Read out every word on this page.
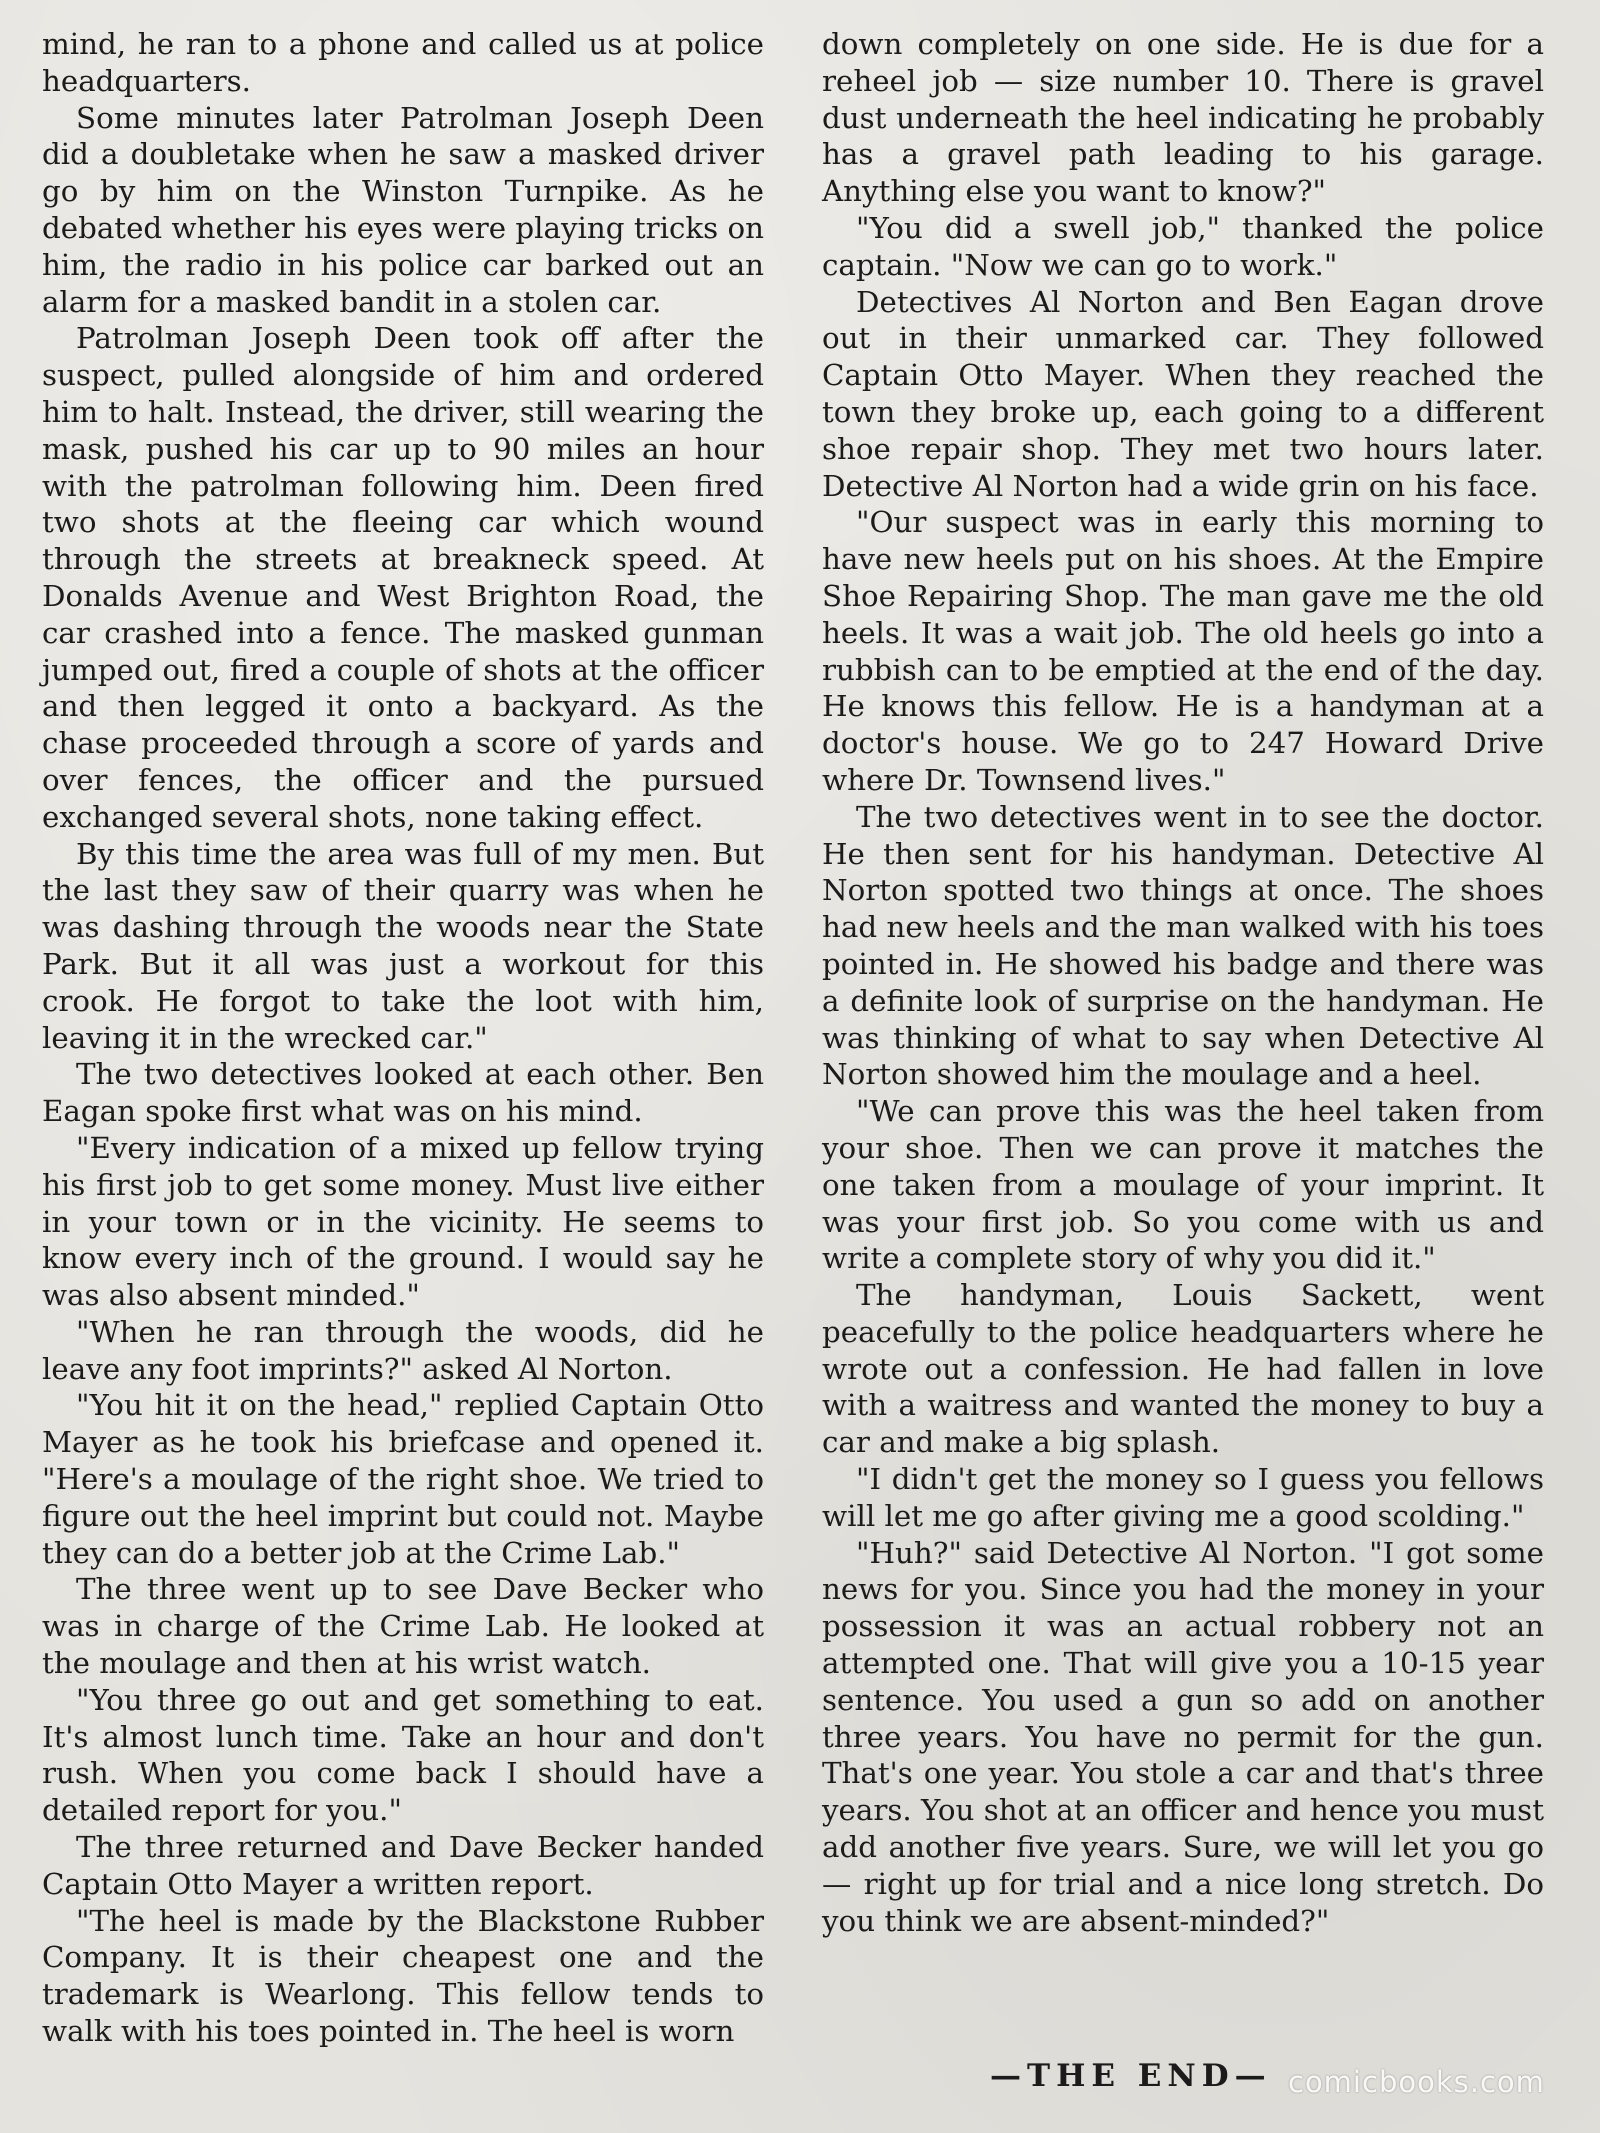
mind, he ran to a phone and called us at police headquarters.

Some minutes later Patrolman Joseph Deen did a doubletake when he saw a masked driver go by him on the Winston Turnpike. As he debated whether his eyes were playing tricks on him, the radio in his police car barked out an alarm for a masked bandit in a stolen car.

Patrolman Joseph Deen took off after the suspect, pulled alongside of him and ordered him to halt. Instead, the driver, still wearing the mask, pushed his car up to 90 miles an hour with the patrolman following him. Deen fired two shots at the fleeing car which wound through the streets at breakneck speed. At Donalds Avenue and West Brighton Road, the car crashed into a fence. The masked gunman jumped out, fired a couple of shots at the officer and then legged it onto a backyard. As the chase proceeded through a score of yards and over fences, the officer and the pursued exchanged several shots, none taking effect.

By this time the area was full of my men. But the last they saw of their quarry was when he was dashing through the woods near the State Park. But it all was just a workout for this crook. He forgot to take the loot with him, leaving it in the wrecked car."

The two detectives looked at each other. Ben Eagan spoke first what was on his mind.

"Every indication of a mixed up fellow trying his first job to get some money. Must live either in your town or in the vicinity. He seems to know every inch of the ground. I would say he was also absent minded."

"When he ran through the woods, did he leave any foot imprints?" asked Al Norton.

"You hit it on the head," replied Captain Otto Mayer as he took his briefcase and opened it. "Here's a moulage of the right shoe. We tried to figure out the heel imprint but could not. Maybe they can do a better job at the Crime Lab."

The three went up to see Dave Becker who was in charge of the Crime Lab. He looked at the moulage and then at his wrist watch.

"You three go out and get something to eat. It's almost lunch time. Take an hour and don't rush. When you come back I should have a detailed report for you."

The three returned and Dave Becker handed Captain Otto Mayer a written report.

"The heel is made by the Blackstone Rubber Company. It is their cheapest one and the trademark is Wearlong. This fellow tends to walk with his toes pointed in. The heel is worn

down completely on one side. He is due for a reheel job — size number 10. There is gravel dust underneath the heel indicating he probably has a gravel path leading to his garage. Anything else you want to know?"

"You did a swell job," thanked the police captain. "Now we can go to work."

Detectives Al Norton and Ben Eagan drove out in their unmarked car. They followed Captain Otto Mayer. When they reached the town they broke up, each going to a different shoe repair shop. They met two hours later. Detective Al Norton had a wide grin on his face.

"Our suspect was in early this morning to have new heels put on his shoes. At the Empire Shoe Repairing Shop. The man gave me the old heels. It was a wait job. The old heels go into a rubbish can to be emptied at the end of the day. He knows this fellow. He is a handyman at a doctor's house. We go to 247 Howard Drive where Dr. Townsend lives."

The two detectives went in to see the doctor. He then sent for his handyman. Detective Al Norton spotted two things at once. The shoes had new heels and the man walked with his toes pointed in. He showed his badge and there was a definite look of surprise on the handyman. He was thinking of what to say when Detective Al Norton showed him the moulage and a heel.

"We can prove this was the heel taken from your shoe. Then we can prove it matches the one taken from a moulage of your imprint. It was your first job. So you come with us and write a complete story of why you did it."

The handyman, Louis Sackett, went peacefully to the police headquarters where he wrote out a confession. He had fallen in love with a waitress and wanted the money to buy a car and make a big splash.

"I didn't get the money so I guess you fellows will let me go after giving me a good scolding."

"Huh?" said Detective Al Norton. "I got some news for you. Since you had the money in your possession it was an actual robbery not an attempted one. That will give you a 10-15 year sentence. You used a gun so add on another three years. You have no permit for the gun. That's one year. You stole a car and that's three years. You shot at an officer and hence you must add another five years. Sure, we will let you go — right up for trial and a nice long stretch. Do you think we are absent-minded?"

—THE END— comicbooks.com
